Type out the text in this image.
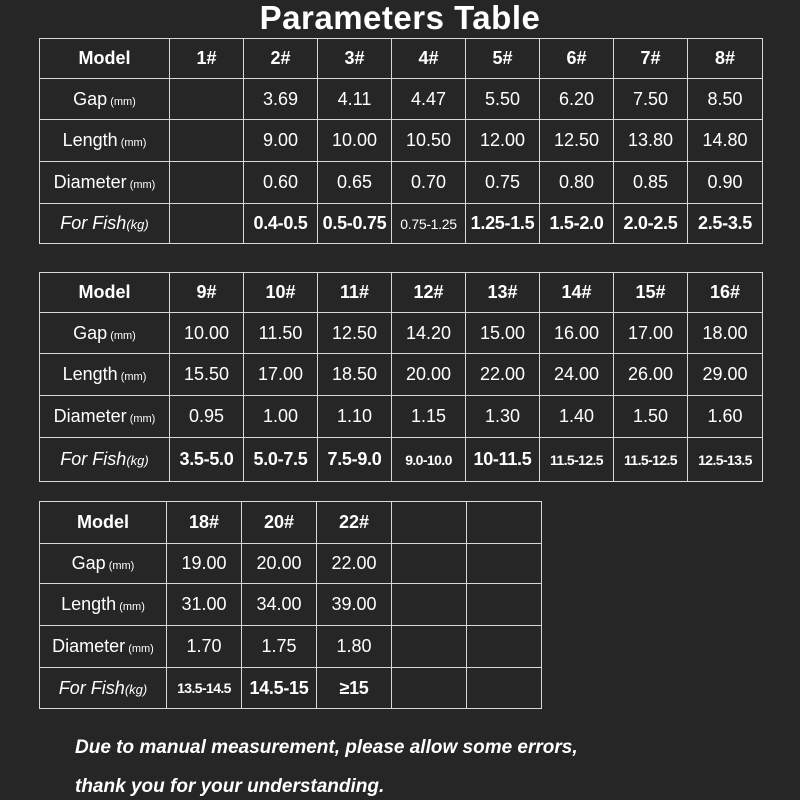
Parameters Table
Model	1#	2#	3#	4#	5#	6#	7#	8#
Gap (mm)		3.69	4.11	4.47	5.50	6.20	7.50	8.50
Length (mm)		9.00	10.00	10.50	12.00	12.50	13.80	14.80
Diameter (mm)		0.60	0.65	0.70	0.75	0.80	0.85	0.90
For Fish(kg)		0.4-0.5	0.5-0.75	0.75-1.25	1.25-1.5	1.5-2.0	2.0-2.5	2.5-3.5
Model	9#	10#	11#	12#	13#	14#	15#	16#
Gap (mm)	10.00	11.50	12.50	14.20	15.00	16.00	17.00	18.00
Length (mm)	15.50	17.00	18.50	20.00	22.00	24.00	26.00	29.00
Diameter (mm)	0.95	1.00	1.10	1.15	1.30	1.40	1.50	1.60
For Fish(kg)	3.5-5.0	5.0-7.5	7.5-9.0	9.0-10.0	10-11.5	11.5-12.5	11.5-12.5	12.5-13.5
Model	18#	20#	22#		
Gap (mm)	19.00	20.00	22.00		
Length (mm)	31.00	34.00	39.00		
Diameter (mm)	1.70	1.75	1.80		
For Fish(kg)	13.5-14.5	14.5-15	≥15		
Due to manual measurement, please allow some errors,
thank you for your understanding.
